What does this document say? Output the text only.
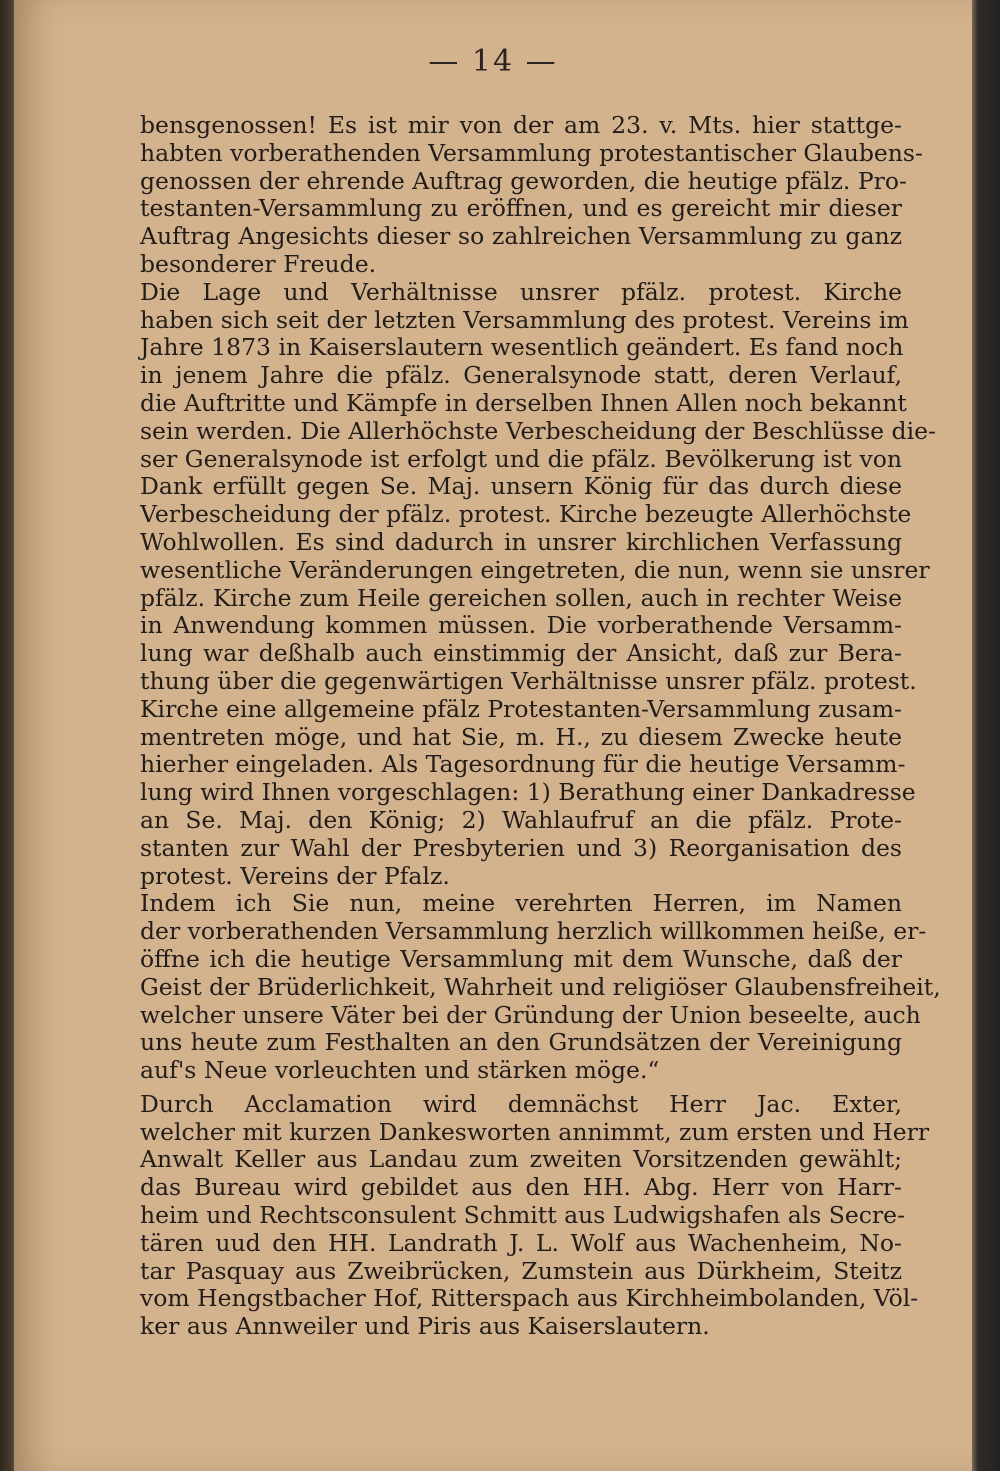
— 14 —
bensgenossen! Es ist mir von der am 23. v. Mts. hier stattge-
habten vorberathenden Versammlung protestantischer Glaubens-
genossen der ehrende Auftrag geworden, die heutige pfälz. Pro-
testanten-Versammlung zu eröffnen, und es gereicht mir dieser
Auftrag Angesichts dieser so zahlreichen Versammlung zu ganz
besonderer Freude.
Die Lage und Verhältnisse unsrer pfälz. protest. Kirche
haben sich seit der letzten Versammlung des protest. Vereins im
Jahre 1873 in Kaiserslautern wesentlich geändert. Es fand noch
in jenem Jahre die pfälz. Generalsynode statt, deren Verlauf,
die Auftritte und Kämpfe in derselben Ihnen Allen noch bekannt
sein werden. Die Allerhöchste Verbescheidung der Beschlüsse die-
ser Generalsynode ist erfolgt und die pfälz. Bevölkerung ist von
Dank erfüllt gegen Se. Maj. unsern König für das durch diese
Verbescheidung der pfälz. protest. Kirche bezeugte Allerhöchste
Wohlwollen. Es sind dadurch in unsrer kirchlichen Verfassung
wesentliche Veränderungen eingetreten, die nun, wenn sie unsrer
pfälz. Kirche zum Heile gereichen sollen, auch in rechter Weise
in Anwendung kommen müssen. Die vorberathende Versamm-
lung war deßhalb auch einstimmig der Ansicht, daß zur Bera-
thung über die gegenwärtigen Verhältnisse unsrer pfälz. protest.
Kirche eine allgemeine pfälz Protestanten-Versammlung zusam-
mentreten möge, und hat Sie, m. H., zu diesem Zwecke heute
hierher eingeladen. Als Tagesordnung für die heutige Versamm-
lung wird Ihnen vorgeschlagen: 1) Berathung einer Dankadresse
an Se. Maj. den König; 2) Wahlaufruf an die pfälz. Prote-
stanten zur Wahl der Presbyterien und 3) Reorganisation des
protest. Vereins der Pfalz.
Indem ich Sie nun, meine verehrten Herren, im Namen
der vorberathenden Versammlung herzlich willkommen heiße, er-
öffne ich die heutige Versammlung mit dem Wunsche, daß der
Geist der Brüderlichkeit, Wahrheit und religiöser Glaubensfreiheit,
welcher unsere Väter bei der Gründung der Union beseelte, auch
uns heute zum Festhalten an den Grundsätzen der Vereinigung
auf's Neue vorleuchten und stärken möge.“
Durch Acclamation wird demnächst Herr Jac. Exter,
welcher mit kurzen Dankesworten annimmt, zum ersten und Herr
Anwalt Keller aus Landau zum zweiten Vorsitzenden gewählt;
das Bureau wird gebildet aus den HH. Abg. Herr von Harr-
heim und Rechtsconsulent Schmitt aus Ludwigshafen als Secre-
tären uud den HH. Landrath J. L. Wolf aus Wachenheim, No-
tar Pasquay aus Zweibrücken, Zumstein aus Dürkheim, Steitz
vom Hengstbacher Hof, Ritterspach aus Kirchheimbolanden, Völ-
ker aus Annweiler und Piris aus Kaiserslautern.
